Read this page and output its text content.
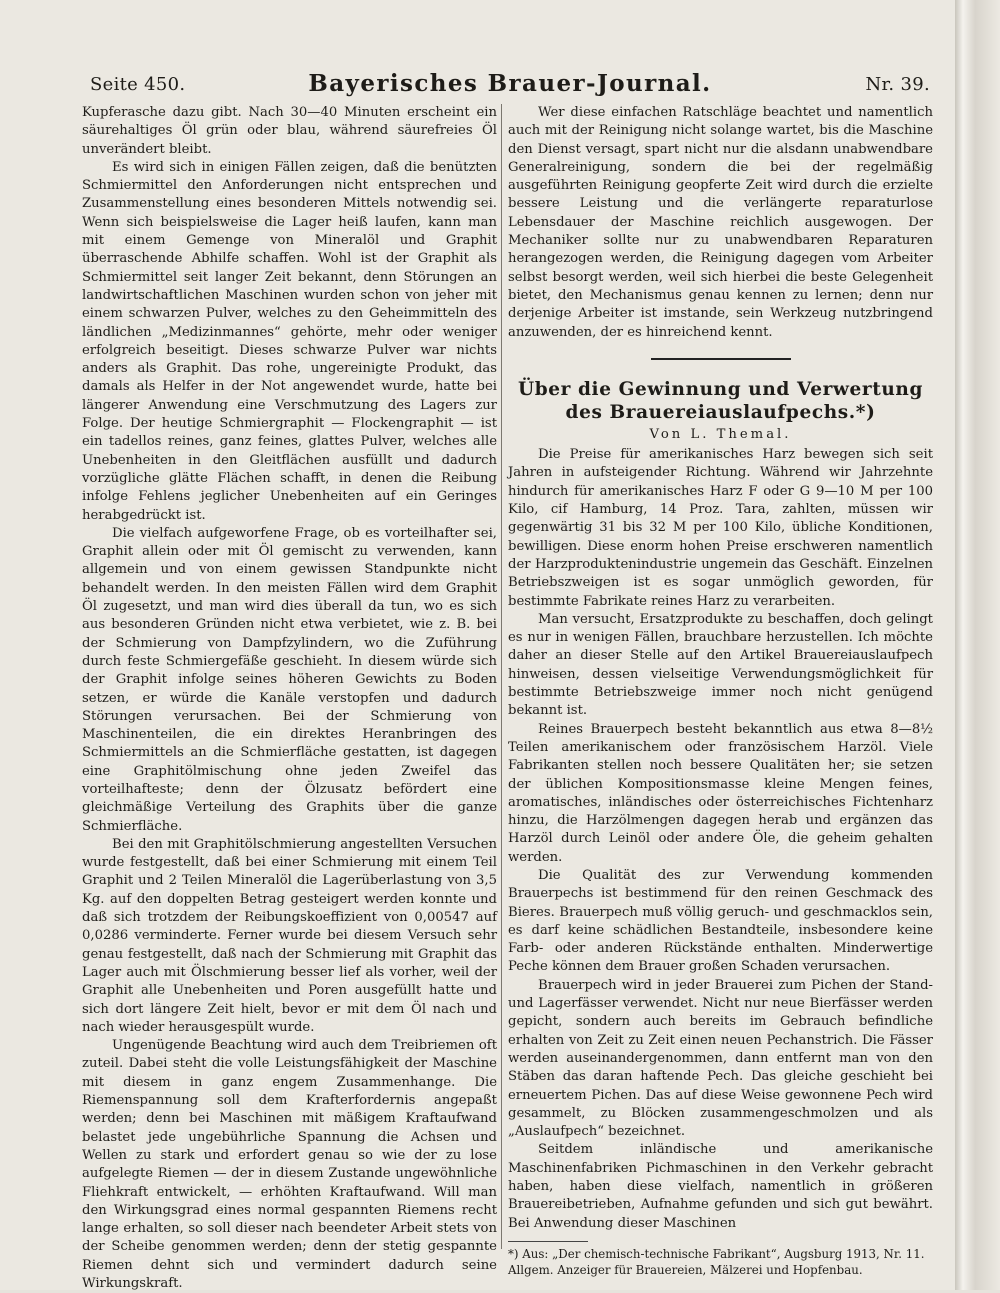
Seite 450.	Bayerisches Brauer-Journal.	Nr. 39.

Kupferasche dazu gibt. Nach 30—40 Minuten erscheint ein säurehaltiges Öl grün oder blau, während säurefreies Öl unverändert bleibt.

Es wird sich in einigen Fällen zeigen, daß die benützten Schmiermittel den Anforderungen nicht entsprechen und Zusammenstellung eines besonderen Mittels notwendig sei. Wenn sich beispielsweise die Lager heiß laufen, kann man mit einem Gemenge von Mineralöl und Graphit überraschende Abhilfe schaffen. Wohl ist der Graphit als Schmiermittel seit langer Zeit bekannt, denn Störungen an landwirtschaftlichen Maschinen wurden schon von jeher mit einem schwarzen Pulver, welches zu den Geheimmitteln des ländlichen „Medizinmannes“ gehörte, mehr oder weniger erfolgreich beseitigt. Dieses schwarze Pulver war nichts anders als Graphit. Das rohe, ungereinigte Produkt, das damals als Helfer in der Not angewendet wurde, hatte bei längerer Anwendung eine Verschmutzung des Lagers zur Folge. Der heutige Schmiergraphit — Flockengraphit — ist ein tadellos reines, ganz feines, glattes Pulver, welches alle Unebenheiten in den Gleitflächen ausfüllt und dadurch vorzügliche glätte Flächen schafft, in denen die Reibung infolge Fehlens jeglicher Unebenheiten auf ein Geringes herabgedrückt ist.

Die vielfach aufgeworfene Frage, ob es vorteilhafter sei, Graphit allein oder mit Öl gemischt zu verwenden, kann allgemein und von einem gewissen Standpunkte nicht behandelt werden. In den meisten Fällen wird dem Graphit Öl zugesetzt, und man wird dies überall da tun, wo es sich aus besonderen Gründen nicht etwa verbietet, wie z. B. bei der Schmierung von Dampfzylindern, wo die Zuführung durch feste Schmiergefäße geschieht. In diesem würde sich der Graphit infolge seines höheren Gewichts zu Boden setzen, er würde die Kanäle verstopfen und dadurch Störungen verursachen. Bei der Schmierung von Maschinenteilen, die ein direktes Heranbringen des Schmiermittels an die Schmierfläche gestatten, ist dagegen eine Graphitölmischung ohne jeden Zweifel das vorteilhafteste; denn der Ölzusatz befördert eine gleichmäßige Verteilung des Graphits über die ganze Schmierfläche.

Bei den mit Graphitölschmierung angestellten Versuchen wurde festgestellt, daß bei einer Schmierung mit einem Teil Graphit und 2 Teilen Mineralöl die Lagerüberlastung von 3,5 Kg. auf den doppelten Betrag gesteigert werden konnte und daß sich trotzdem der Reibungskoeffizient von 0,00547 auf 0,0286 verminderte. Ferner wurde bei diesem Versuch sehr genau festgestellt, daß nach der Schmierung mit Graphit das Lager auch mit Ölschmierung besser lief als vorher, weil der Graphit alle Unebenheiten und Poren ausgefüllt hatte und sich dort längere Zeit hielt, bevor er mit dem Öl nach und nach wieder herausgespült wurde.

Ungenügende Beachtung wird auch dem Treibriemen oft zuteil. Dabei steht die volle Leistungsfähigkeit der Maschine mit diesem in ganz engem Zusammenhange. Die Riemenspannung soll dem Krafterfordernis angepaßt werden; denn bei Maschinen mit mäßigem Kraftaufwand belastet jede ungebührliche Spannung die Achsen und Wellen zu stark und erfordert genau so wie der zu lose aufgelegte Riemen — der in diesem Zustande ungewöhnliche Fliehkraft entwickelt, — erhöhten Kraftaufwand. Will man den Wirkungsgrad eines normal gespannten Riemens recht lange erhalten, so soll dieser nach beendeter Arbeit stets von der Scheibe genommen werden; denn der stetig gespannte Riemen dehnt sich und vermindert dadurch seine Wirkungskraft.

Wer diese einfachen Ratschläge beachtet und namentlich auch mit der Reinigung nicht solange wartet, bis die Maschine den Dienst versagt, spart nicht nur die alsdann unabwendbare Generalreinigung, sondern die bei der regelmäßig ausgeführten Reinigung geopferte Zeit wird durch die erzielte bessere Leistung und die verlängerte reparaturlose Lebensdauer der Maschine reichlich ausgewogen. Der Mechaniker sollte nur zu unabwendbaren Reparaturen herangezogen werden, die Reinigung dagegen vom Arbeiter selbst besorgt werden, weil sich hierbei die beste Gelegenheit bietet, den Mechanismus genau kennen zu lernen; denn nur derjenige Arbeiter ist imstande, sein Werkzeug nutzbringend anzuwenden, der es hinreichend kennt.

Über die Gewinnung und Verwertung des Brauereiauslaufpechs.*)
Von L. Themal.

Die Preise für amerikanisches Harz bewegen sich seit Jahren in aufsteigender Richtung. Während wir Jahrzehnte hindurch für amerikanisches Harz F oder G 9—10 M per 100 Kilo, cif Hamburg, 14 Proz. Tara, zahlten, müssen wir gegenwärtig 31 bis 32 M per 100 Kilo, übliche Konditionen, bewilligen. Diese enorm hohen Preise erschweren namentlich der Harzproduktenindustrie ungemein das Geschäft. Einzelnen Betriebszweigen ist es sogar unmöglich geworden, für bestimmte Fabrikate reines Harz zu verarbeiten.

Man versucht, Ersatzprodukte zu beschaffen, doch gelingt es nur in wenigen Fällen, brauchbare herzustellen. Ich möchte daher an dieser Stelle auf den Artikel Brauereiauslaufpech hinweisen, dessen vielseitige Verwendungsmöglichkeit für bestimmte Betriebszweige immer noch nicht genügend bekannt ist.

Reines Brauerpech besteht bekanntlich aus etwa 8—8½ Teilen amerikanischem oder französischem Harzöl. Viele Fabrikanten stellen noch bessere Qualitäten her; sie setzen der üblichen Kompositionsmasse kleine Mengen feines, aromatisches, inländisches oder österreichisches Fichtenharz hinzu, die Harzölmengen dagegen herab und ergänzen das Harzöl durch Leinöl oder andere Öle, die geheim gehalten werden.

Die Qualität des zur Verwendung kommenden Brauerpechs ist bestimmend für den reinen Geschmack des Bieres. Brauerpech muß völlig geruch- und geschmacklos sein, es darf keine schädlichen Bestandteile, insbesondere keine Farb- oder anderen Rückstände enthalten. Minderwertige Peche können dem Brauer großen Schaden verursachen.

Brauerpech wird in jeder Brauerei zum Pichen der Stand- und Lagerfässer verwendet. Nicht nur neue Bierfässer werden gepicht, sondern auch bereits im Gebrauch befindliche erhalten von Zeit zu Zeit einen neuen Pechanstrich. Die Fässer werden auseinandergenommen, dann entfernt man von den Stäben das daran haftende Pech. Das gleiche geschieht bei erneuertem Pichen. Das auf diese Weise gewonnene Pech wird gesammelt, zu Blöcken zusammengeschmolzen und als „Auslaufpech“ bezeichnet.

Seitdem inländische und amerikanische Maschinenfabriken Pichmaschinen in den Verkehr gebracht haben, haben diese vielfach, namentlich in größeren Brauereibetrieben, Aufnahme gefunden und sich gut bewährt. Bei Anwendung dieser Maschinen

*) Aus: „Der chemisch-technische Fabrikant“, Augsburg 1913, Nr. 11.
Allgem. Anzeiger für Brauereien, Mälzerei und Hopfenbau.
